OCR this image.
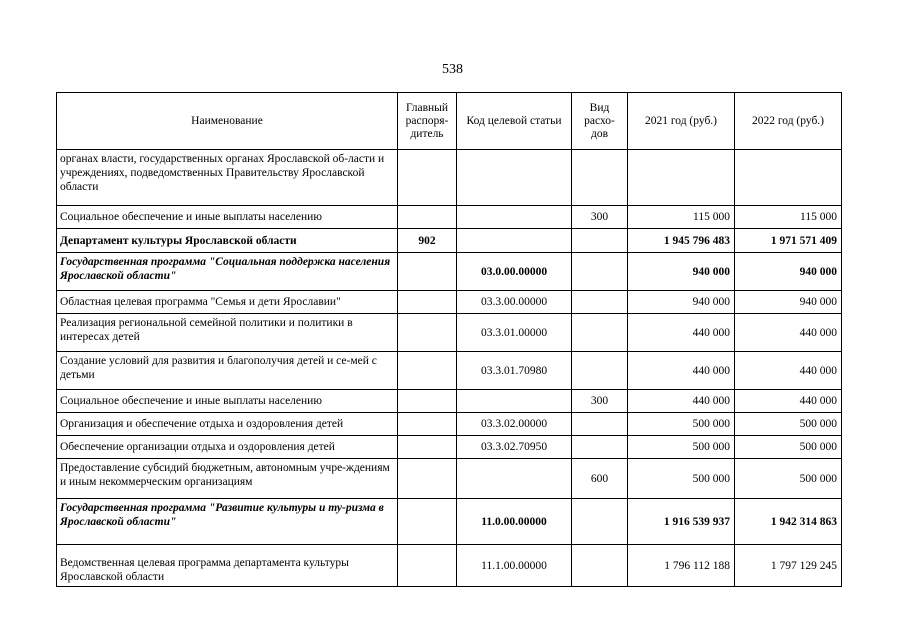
538
Наименование	Главный распоря-дитель	Код целевой статьи	Вид расхо-дов	2021 год (руб.)	2022 год (руб.)
органах власти, государственных органах Ярославской об-ласти и учреждениях, подведомственных Правительству Ярославской области					
Социальное обеспечение и иные выплаты населению			300	115 000	115 000
Департамент культуры Ярославской области	902			1 945 796 483	1 971 571 409
Государственная программа "Социальная поддержка населения Ярославской области"		03.0.00.00000		940 000	940 000
Областная целевая программа "Семья и дети Ярославии"		03.3.00.00000		940 000	940 000
Реализация региональной семейной политики и политики в интересах детей		03.3.01.00000		440 000	440 000
Создание условий для развития и благополучия детей и се-мей с детьми		03.3.01.70980		440 000	440 000
Социальное обеспечение и иные выплаты населению			300	440 000	440 000
Организация и обеспечение отдыха и оздоровления детей		03.3.02.00000		500 000	500 000
Обеспечение организации отдыха и оздоровления детей		03.3.02.70950		500 000	500 000
Предоставление субсидий бюджетным, автономным учре-ждениям и иным некоммерческим организациям			600	500 000	500 000
Государственная программа "Развитие культуры и ту-ризма в Ярославской области"		11.0.00.00000		1 916 539 937	1 942 314 863
Ведомственная целевая программа департамента культуры Ярославской области		11.1.00.00000		1 796 112 188	1 797 129 245
